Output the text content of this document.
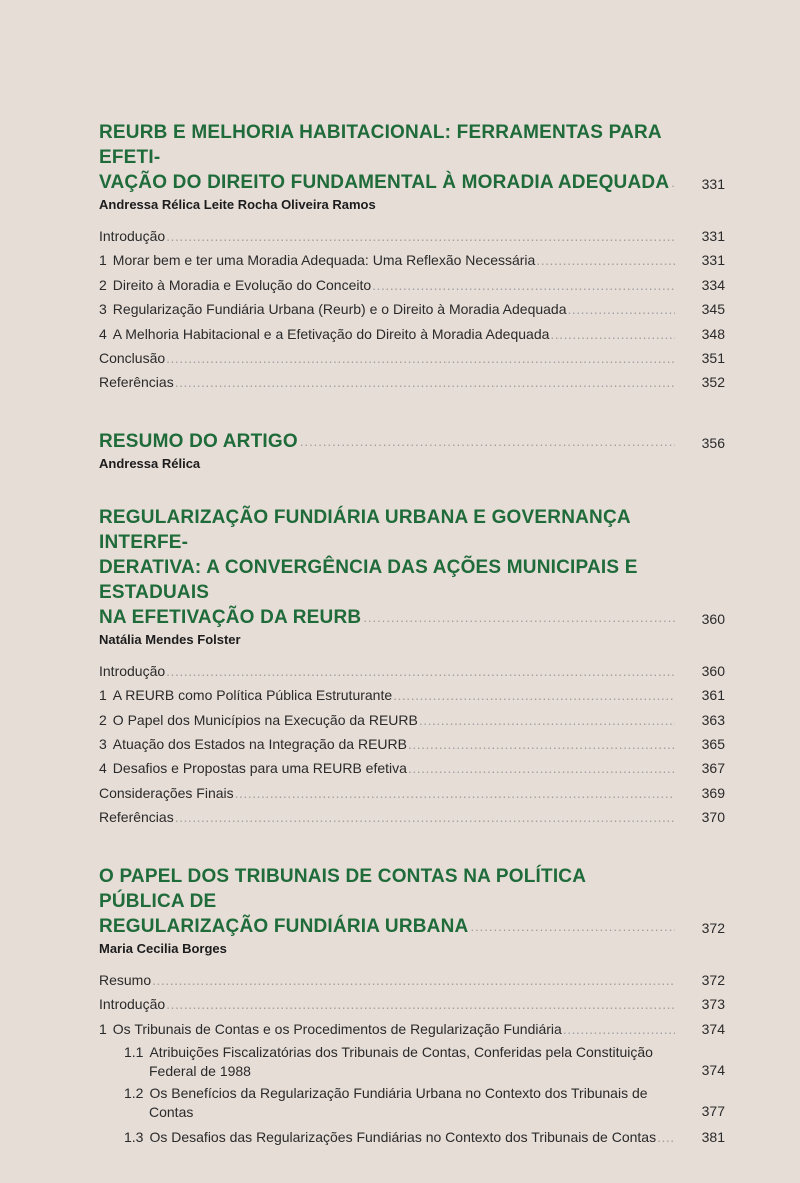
REURB E MELHORIA HABITACIONAL: FERRAMENTAS PARA EFETI-
VAÇÃO DO DIREITO FUNDAMENTAL À MORADIA ADEQUADA .....	331
Andressa Rélica Leite Rocha Oliveira Ramos
Introdução .....	331
1 Morar bem e ter uma Moradia Adequada: Uma Reflexão Necessária .....	331
2 Direito à Moradia e Evolução do Conceito .....	334
3 Regularização Fundiária Urbana (Reurb) e o Direito à Moradia Adequada .....	345
4 A Melhoria Habitacional e a Efetivação do Direito à Moradia Adequada .....	348
Conclusão .....	351
Referências .....	352
RESUMO DO ARTIGO .....	356
Andressa Rélica
REGULARIZAÇÃO FUNDIÁRIA URBANA E GOVERNANÇA INTERFE-
DERATIVA: A CONVERGÊNCIA DAS AÇÕES MUNICIPAIS E ESTADUAIS
NA EFETIVAÇÃO DA REURB .....	360
Natália Mendes Folster
Introdução .....	360
1 A REURB como Política Pública Estruturante .....	361
2 O Papel dos Municípios na Execução da REURB .....	363
3 Atuação dos Estados na Integração da REURB .....	365
4 Desafios e Propostas para uma REURB efetiva .....	367
Considerações Finais .....	369
Referências .....	370
O PAPEL DOS TRIBUNAIS DE CONTAS NA POLÍTICA PÚBLICA DE
REGULARIZAÇÃO FUNDIÁRIA URBANA .....	372
Maria Cecilia Borges
Resumo .....	372
Introdução .....	373
1 Os Tribunais de Contas e os Procedimentos de Regularização Fundiária .....	374
1.1 Atribuições Fiscalizatórias dos Tribunais de Contas, Conferidas pela Constituição
Federal de 1988
.....	374
1.2 Os Benefícios da Regularização Fundiária Urbana no Contexto dos Tribunais de
Contas
.....	377
1.3 Os Desafios das Regularizações Fundiárias no Contexto dos Tribunais de Contas .....	381
